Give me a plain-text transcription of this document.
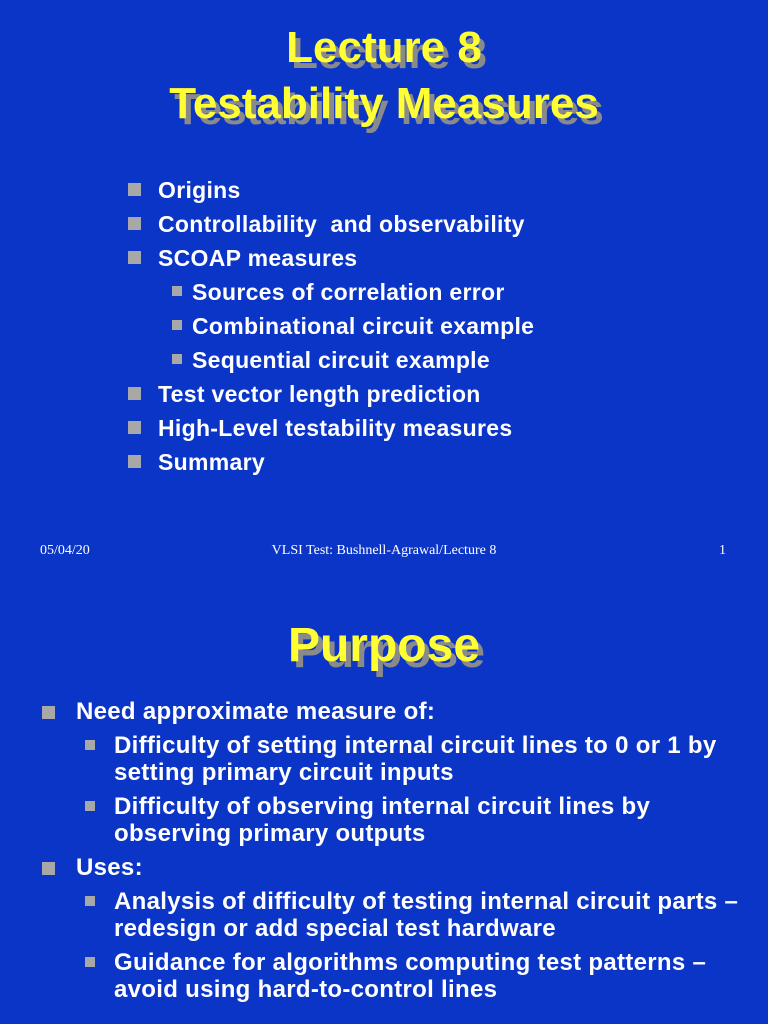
Lecture 8
Testability Measures
Origins
Controllability  and observability
SCOAP measures
Sources of correlation error
Combinational circuit example
Sequential circuit example
Test vector length prediction
High-Level testability measures
Summary
05/04/20	VLSI Test: Bushnell-Agrawal/Lecture 8	1
Purpose
Need approximate measure of:
Difficulty of setting internal circuit lines to 0 or 1 by setting primary circuit inputs
Difficulty of observing internal circuit lines by observing primary outputs
Uses:
Analysis of difficulty of testing internal circuit parts – redesign or add special test hardware
Guidance for algorithms computing test patterns – avoid using hard-to-control lines
